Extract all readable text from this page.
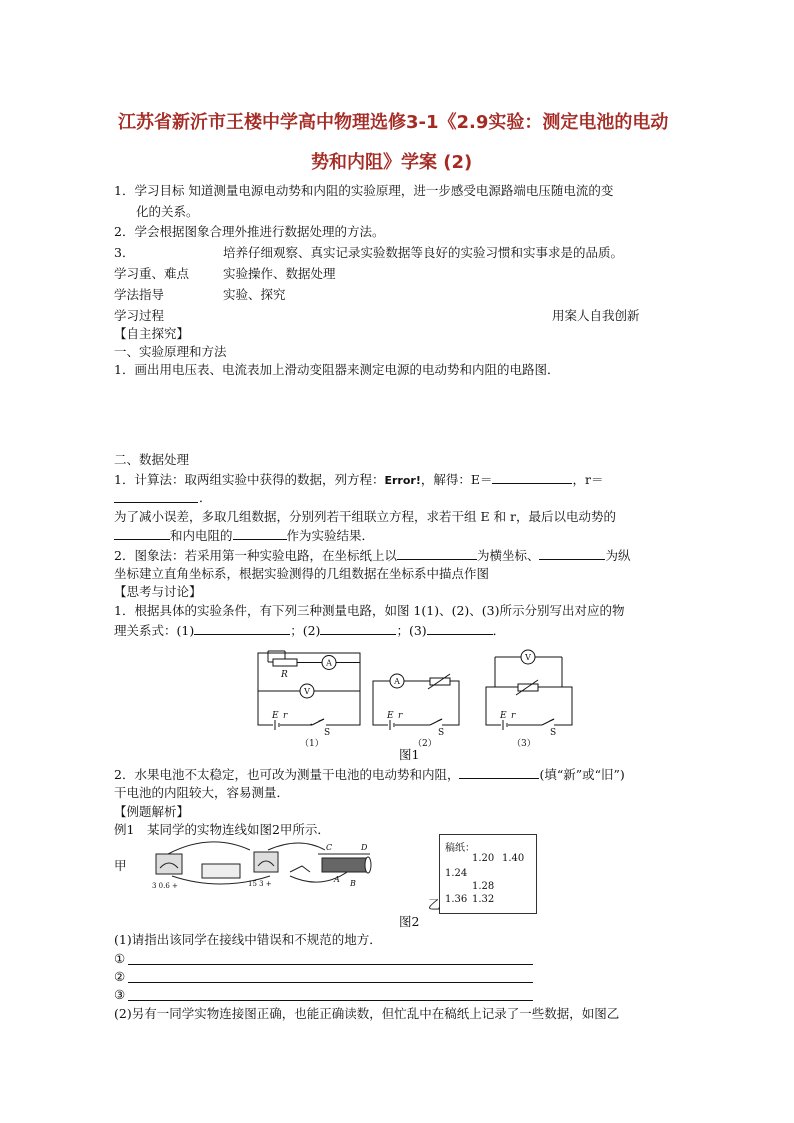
江苏省新沂市王楼中学高中物理选修3-1《2.9实验：测定电池的电动
势和内阻》学案 (2)
1．学习目标 知道测量电源电动势和内阻的实验原理，进一步感受电源路端电压随电流的变
化的关系。
2．学会根据图象合理外推进行数据处理的方法。
3．	培养仔细观察、真实记录实验数据等良好的实验习惯和实事求是的品质。
学习重、难点	实验操作、数据处理
学法指导	实验、探究
学习过程	用案人自我创新
【自主探究】
一、实验原理和方法
1．画出用电压表、电流表加上滑动变阻器来测定电源的电动势和内阻的电路图．
二、数据处理
1．计算法：取两组实验中获得的数据，列方程：Error!，解得：E＝	，r＝
．
为了减小误差，多取几组数据，分别列若干组联立方程，求若干组 E 和 r，最后以电动势的
和内电阻的	作为实验结果．
2．图象法：若采用第一种实验电路，在坐标纸上以	为横坐标、	为纵
坐标建立直角坐标系，根据实验测得的几组数据在坐标系中描点作图
【思考与讨论】
1．根据具体的实验条件，有下列三种测量电路，如图 1(1)、(2)、(3)所示分别写出对应的物
理关系式：(1)	；(2)	；(3)	．
R
E r
S
E r
S
E r
S
A
V
A
V
（1）	（2）	（3）
图1
2．水果电池不太稳定，也可改为测量干电池的电动势和内阻，	(填“新”或“旧”)
干电池的内阻较大，容易测量．
【例题解析】
例1　某同学的实物连线如图2甲所示．
甲
3 0.6 +	15 3 +
C	D
A B
稿纸：
1.20 1.40
1.24
1.28
1.36 1.32
乙
图2
(1)请指出该同学在接线中错误和不规范的地方．
①
②
③
(2)另有一同学实物连接图正确，也能正确读数，但忙乱中在稿纸上记录了一些数据，如图乙
